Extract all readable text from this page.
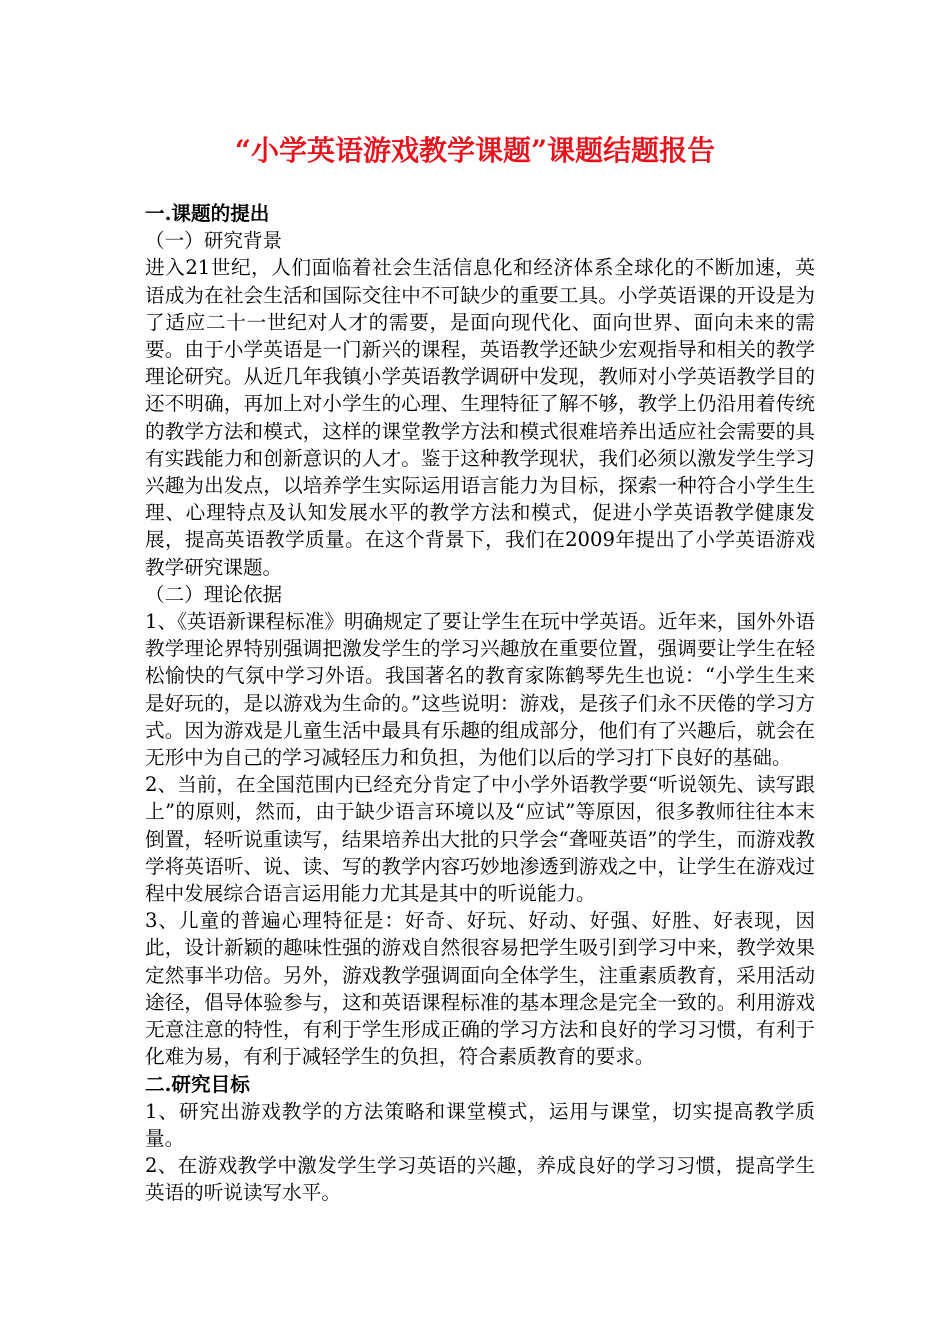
“小学英语游戏教学课题”课题结题报告

一.课题的提出

（一）研究背景

进入21世纪，人们面临着社会生活信息化和经济体系全球化的不断加速，英语成为在社会生活和国际交往中不可缺少的重要工具。小学英语课的开设是为了适应二十一世纪对人才的需要，是面向现代化、面向世界、面向未来的需要。由于小学英语是一门新兴的课程，英语教学还缺少宏观指导和相关的教学理论研究。从近几年我镇小学英语教学调研中发现，教师对小学英语教学目的还不明确，再加上对小学生的心理、生理特征了解不够，教学上仍沿用着传统的教学方法和模式，这样的课堂教学方法和模式很难培养出适应社会需要的具有实践能力和创新意识的人才。鉴于这种教学现状，我们必须以激发学生学习兴趣为出发点，以培养学生实际运用语言能力为目标，探索一种符合小学生生理、心理特点及认知发展水平的教学方法和模式，促进小学英语教学健康发展，提高英语教学质量。在这个背景下，我们在2009年提出了小学英语游戏教学研究课题。

（二）理论依据

1、《英语新课程标准》明确规定了要让学生在玩中学英语。近年来，国外外语教学理论界特别强调把激发学生的学习兴趣放在重要位置，强调要让学生在轻松愉快的气氛中学习外语。我国著名的教育家陈鹤琴先生也说：“小学生生来是好玩的，是以游戏为生命的。”这些说明：游戏，是孩子们永不厌倦的学习方式。因为游戏是儿童生活中最具有乐趣的组成部分，他们有了兴趣后，就会在无形中为自己的学习减轻压力和负担，为他们以后的学习打下良好的基础。

2、当前，在全国范围内已经充分肯定了中小学外语教学要“听说领先、读写跟上”的原则，然而，由于缺少语言环境以及“应试”等原因，很多教师往往本末倒置，轻听说重读写，结果培养出大批的只学会“聋哑英语”的学生，而游戏教学将英语听、说、读、写的教学内容巧妙地渗透到游戏之中，让学生在游戏过程中发展综合语言运用能力尤其是其中的听说能力。

3、儿童的普遍心理特征是：好奇、好玩、好动、好强、好胜、好表现，因此，设计新颖的趣味性强的游戏自然很容易把学生吸引到学习中来，教学效果定然事半功倍。另外，游戏教学强调面向全体学生，注重素质教育，采用活动途径，倡导体验参与，这和英语课程标准的基本理念是完全一致的。利用游戏无意注意的特性，有利于学生形成正确的学习方法和良好的学习习惯，有利于化难为易，有利于减轻学生的负担，符合素质教育的要求。

二.研究目标

1、研究出游戏教学的方法策略和课堂模式，运用与课堂，切实提高教学质量。

2、在游戏教学中激发学生学习英语的兴趣，养成良好的学习习惯，提高学生英语的听说读写水平。
